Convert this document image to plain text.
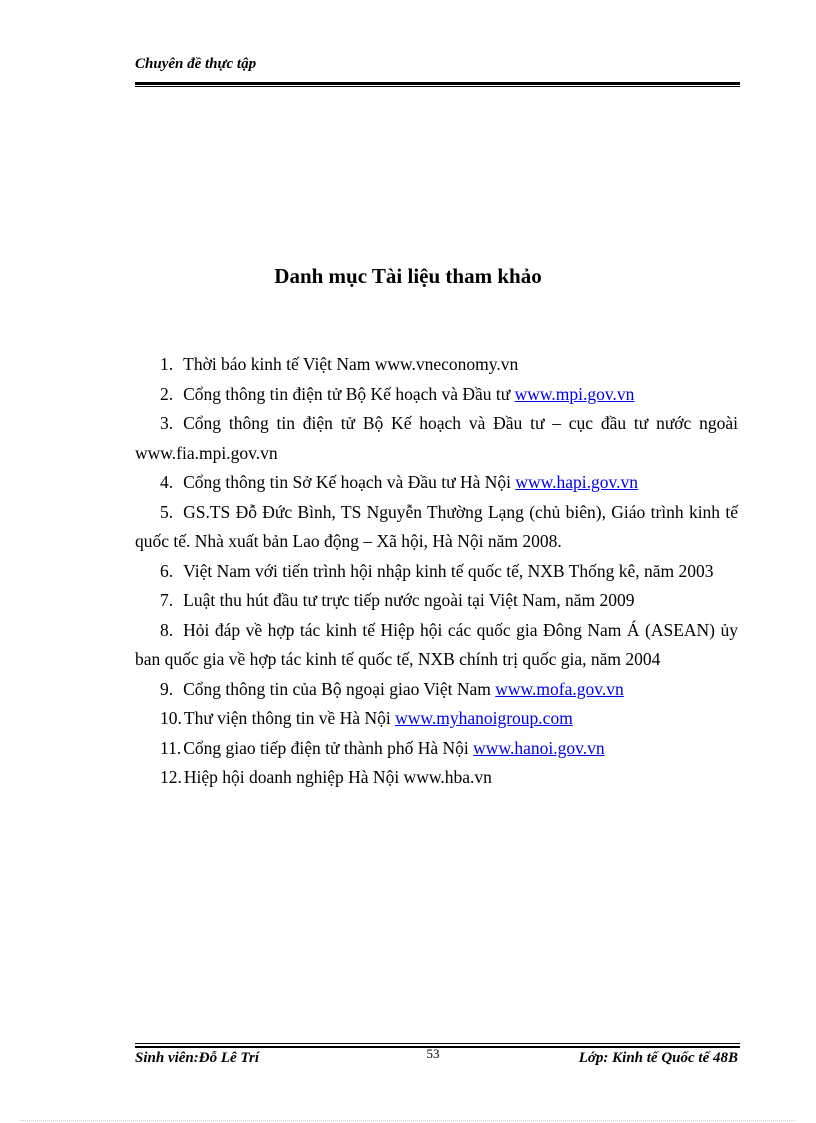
Chuyên đề thực tập
Danh mục Tài liệu tham khảo
1. Thời báo kinh tế Việt Nam www.vneconomy.vn
2. Cổng thông tin điện tử Bộ Kế hoạch và Đầu tư www.mpi.gov.vn
3. Cổng thông tin điện tử Bộ Kế hoạch và Đầu tư – cục đầu tư nước ngoài www.fia.mpi.gov.vn
4. Cổng thông tin Sở Kế hoạch và Đầu tư Hà Nội www.hapi.gov.vn
5. GS.TS Đỗ Đức Bình, TS Nguyễn Thường Lạng (chủ biên), Giáo trình kinh tế quốc tế. Nhà xuất bản Lao động – Xã hội, Hà Nội năm 2008.
6. Việt Nam với tiến trình hội nhập kinh tế quốc tế, NXB Thống kê, năm 2003
7. Luật thu hút đầu tư trực tiếp nước ngoài tại Việt Nam, năm 2009
8. Hỏi đáp về hợp tác kinh tế Hiệp hội các quốc gia Đông Nam Á (ASEAN) ủy ban quốc gia về hợp tác kinh tế quốc tế, NXB chính trị quốc gia, năm 2004
9. Cổng thông tin của Bộ ngoại giao Việt Nam www.mofa.gov.vn
10. Thư viện thông tin về Hà Nội www.myhanoigroup.com
11. Cổng giao tiếp điện tử thành phố Hà Nội www.hanoi.gov.vn
12. Hiệp hội doanh nghiệp Hà Nội www.hba.vn
Sinh viên:Đỗ Lê Trí	53	Lớp: Kinh tế Quốc tế 48B
